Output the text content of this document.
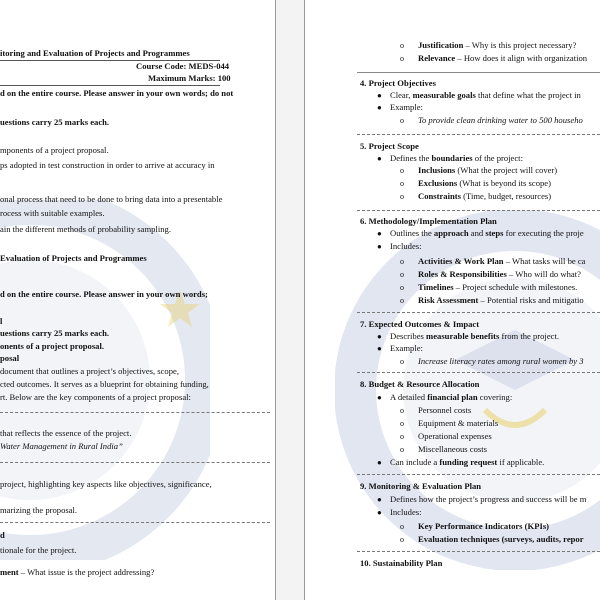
itoring and Evaluation of Projects and Programmes
Course Code: MEDS-044
Maximum Marks: 100
d on the entire course. Please answer in your own words; do not
uestions carry 25 marks each.
mponents of a project proposal.
ps adopted in test construction in order to arrive at accuracy in
onal process that need to be done to bring data into a presentable
rocess with suitable examples.
ain the different methods of probability sampling.
Evaluation of Projects and Programmes
d on the entire course. Please answer in your own words;
l
uestions carry 25 marks each.
onents of a project proposal.
posal
document that outlines a project’s objectives, scope,
cted outcomes. It serves as a blueprint for obtaining funding,
rt. Below are the key components of a project proposal:
that reflects the essence of the project.
Water Management in Rural India”
project, highlighting key aspects like objectives, significance,
marizing the proposal.
d
tionale for the project.
ment – What issue is the project addressing?
o Justification – Why is this project necessary?
o Relevance – How does it align with organization
4. Project Objectives
● Clear, measurable goals that define what the project in
● Example:
o To provide clean drinking water to 500 househo
5. Project Scope
● Defines the boundaries of the project:
o Inclusions (What the project will cover)
o Exclusions (What is beyond its scope)
o Constraints (Time, budget, resources)
6. Methodology/Implementation Plan
● Outlines the approach and steps for executing the proje
● Includes:
o Activities & Work Plan – What tasks will be ca
o Roles & Responsibilities – Who will do what?
o Timelines – Project schedule with milestones.
o Risk Assessment – Potential risks and mitigatio
7. Expected Outcomes & Impact
● Describes measurable benefits from the project.
● Example:
o Increase literacy rates among rural women by 3
8. Budget & Resource Allocation
● A detailed financial plan covering:
o Personnel costs
o Equipment & materials
o Operational expenses
o Miscellaneous costs
● Can include a funding request if applicable.
9. Monitoring & Evaluation Plan
● Defines how the project’s progress and success will be m
● Includes:
o Key Performance Indicators (KPIs)
o Evaluation techniques (surveys, audits, repor
10. Sustainability Plan
